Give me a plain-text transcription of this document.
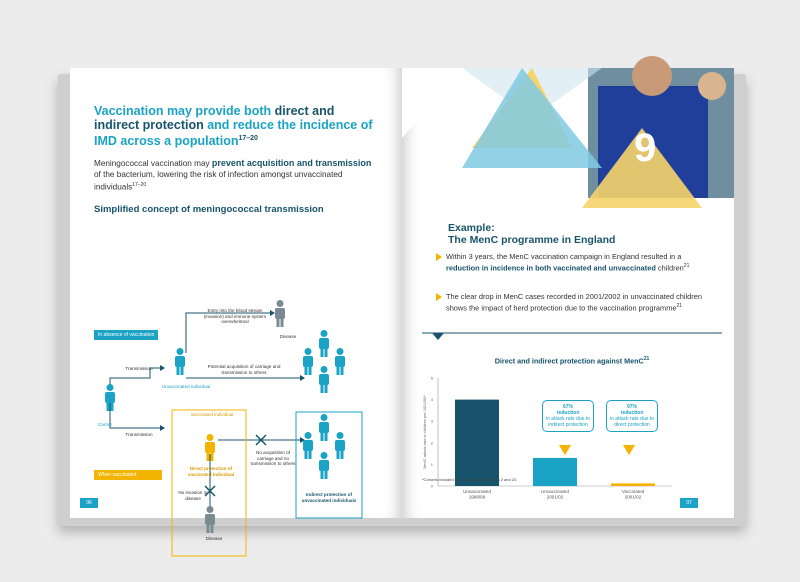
Vaccination may provide both direct and indirect protection and reduce the incidence of IMD across a population$^{17-20}$
Meningococcal vaccination may prevent acquisition and transmission of the bacterium, lowering the risk of infection amongst unvaccinated individuals$^{17-20}$
Simplified concept of meningococcal transmission
In absence of vaccination
When vaccinated
Carrier
Transmission
Transmission
Unvaccinated individual
Entry into the blood stream (invasion) and immune system overwhelmed
Disease
Potential acquisition of carriage and transmission to others
Vaccinated individual
Direct protection of vaccinated individual
No acquisition of carriage and no transmission to others
No invasion or disease
Disease
Indirect protection of unvaccinated individuals
9
Example:
The MenC programme in England
Within 3 years, the MenC vaccination campaign in England resulted in a reduction in incidence in both vaccinated and unvaccinated children$^{21}$
The clear drop in MenC cases recorded in 2001/2002 in unvaccinated children shows the impact of herd protection due to the vaccination programme$^{21}$
Direct and indirect protection against MenC$^{21}$
0
1
2
3
4
5
MenC attack rate in children per 100,000*
Unvaccinated
1998/99
Unvaccinated
2001/02
Vaccinated
2001/02
67%
reduction
in attack rate due to indirect protection
97%
reduction
in attack rate due to direct protection
*Cohorts included individuals aged between 2 and 20.
06	07
